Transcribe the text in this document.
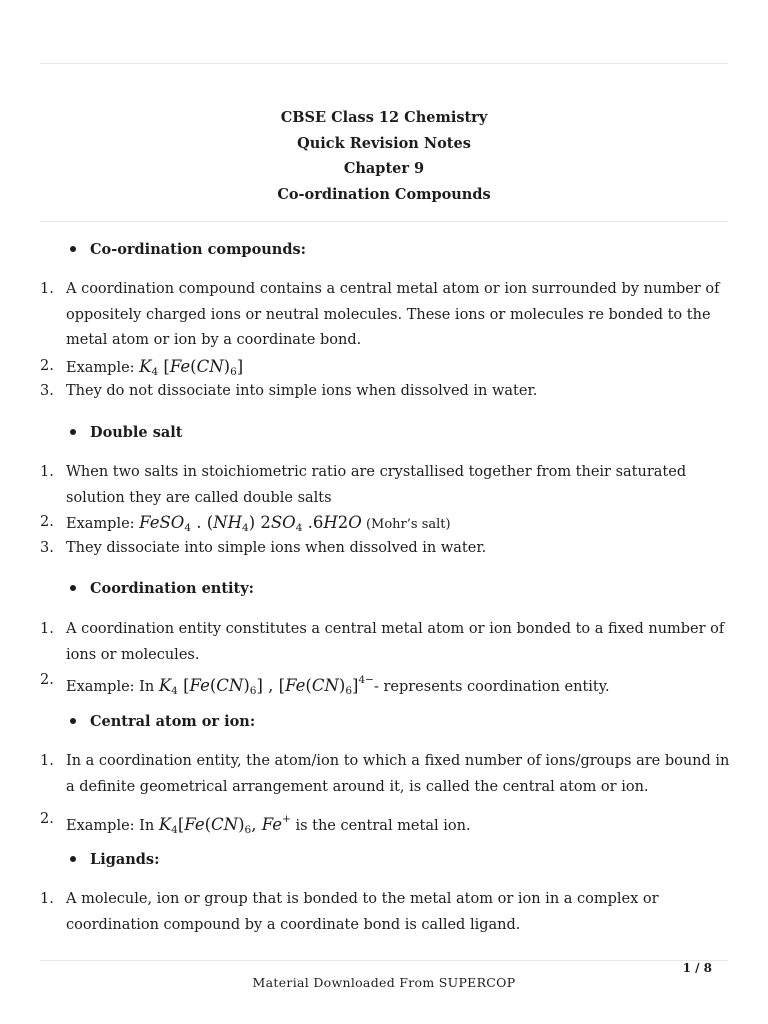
CBSE Class 12 Chemistry
Quick Revision Notes
Chapter 9
Co-ordination Compounds
Co-ordination compounds:
1. A coordination compound contains a central metal atom or ion surrounded by number of oppositely charged ions or neutral molecules. These ions or molecules re bonded to the metal atom or ion by a coordinate bond.
2. Example: $K_4$ $[Fe(CN)_6]$
3. They do not dissociate into simple ions when dissolved in water.
Double salt
1. When two salts in stoichiometric ratio are crystallised together from their saturated solution they are called double salts
2. Example: FeSO$_4$ . $(NH_4)$ $2SO_4$ .6H2O (Mohr’s salt)
3. They dissociate into simple ions when dissolved in water.
Coordination entity:
1. A coordination entity constitutes a central metal atom or ion bonded to a fixed number of ions or molecules.
2. Example: In $K_4$ $[Fe(CN)_6]$ , $[Fe(CN)_6]^{4-}-$ represents coordination entity.
Central atom or ion:
1. In a coordination entity, the atom/ion to which a fixed number of ions/groups are bound in a definite geometrical arrangement around it, is called the central atom or ion.
2. Example: In $K_4[Fe(CN)_6$, Fe+ is the central metal ion.
Ligands:
1. A molecule, ion or group that is bonded to the metal atom or ion in a complex or coordination compound by a coordinate bond is called ligand.
1 / 8
Material Downloaded From SUPERCOP
